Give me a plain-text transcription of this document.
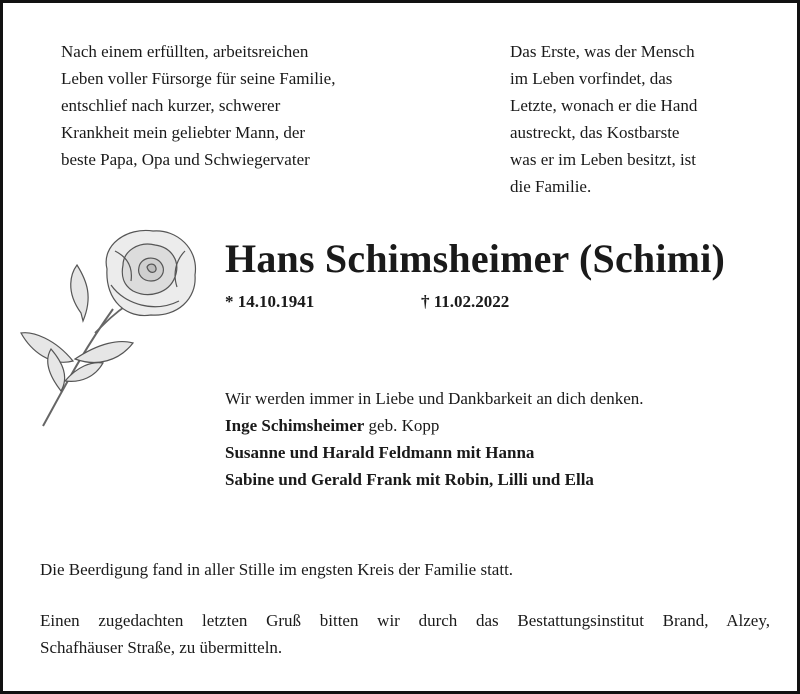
Nach einem erfüllten, arbeitsreichen
Leben voller Fürsorge für seine Familie,
entschlief nach kurzer, schwerer
Krankheit mein geliebter Mann, der
beste Papa, Opa und Schwiegervater
Das Erste, was der Mensch
im Leben vorfindet, das
Letzte, wonach er die Hand
austreckt, das Kostbarste
was er im Leben besitzt, ist
die Familie.
Hans Schimsheimer (Schimi)
* 14.10.1941	† 11.02.2022
Wir werden immer in Liebe und Dankbarkeit an dich denken.
Inge Schimsheimer geb. Kopp
Susanne und Harald Feldmann mit Hanna
Sabine und Gerald Frank mit Robin, Lilli und Ella
Die Beerdigung fand in aller Stille im engsten Kreis der Familie statt.
Einen zugedachten letzten Gruß bitten wir durch das Bestattungsinstitut Brand, Alzey,
Schafhäuser Straße, zu übermitteln.
